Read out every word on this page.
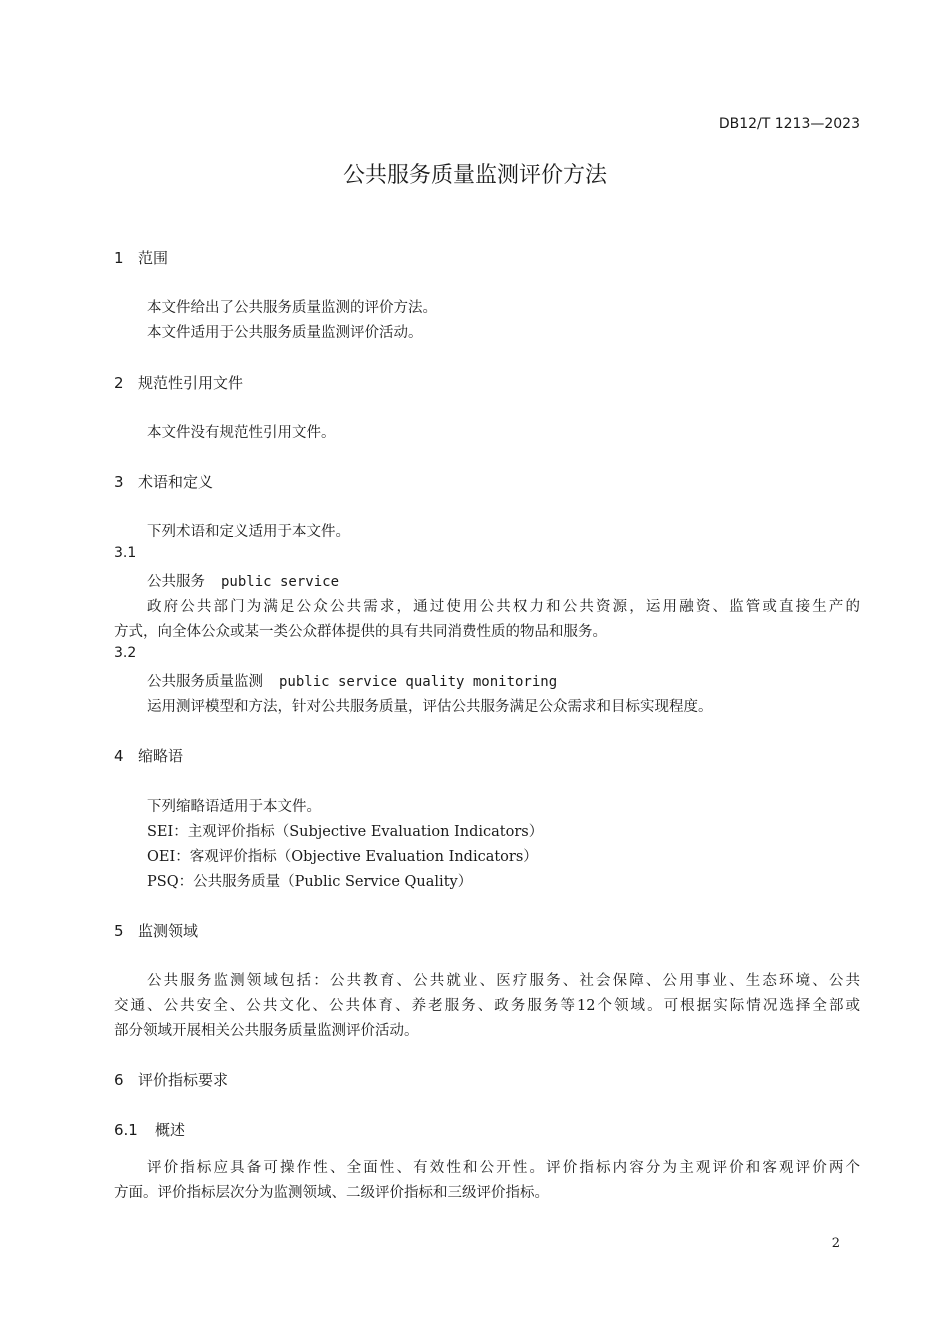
DB12/T 1213—2023
公共服务质量监测评价方法
1 范围
本文件给出了公共服务质量监测的评价方法。
本文件适用于公共服务质量监测评价活动。
2 规范性引用文件
本文件没有规范性引用文件。
3 术语和定义
下列术语和定义适用于本文件。
3.1
公共服务 public service
政府公共部门为满足公众公共需求，通过使用公共权力和公共资源，运用融资、监管或直接生产的
方式，向全体公众或某一类公众群体提供的具有共同消费性质的物品和服务。
3.2
公共服务质量监测 public service quality monitoring
运用测评模型和方法，针对公共服务质量，评估公共服务满足公众需求和目标实现程度。
4 缩略语
下列缩略语适用于本文件。
SEI：主观评价指标（Subjective Evaluation Indicators）
OEI：客观评价指标（Objective Evaluation Indicators）
PSQ：公共服务质量（Public Service Quality）
5 监测领域
公共服务监测领域包括：公共教育、公共就业、医疗服务、社会保障、公用事业、生态环境、公共
交通、公共安全、公共文化、公共体育、养老服务、政务服务等12个领域。可根据实际情况选择全部或
部分领域开展相关公共服务质量监测评价活动。
6 评价指标要求
6.1 概述
评价指标应具备可操作性、全面性、有效性和公开性。评价指标内容分为主观评价和客观评价两个
方面。评价指标层次分为监测领域、二级评价指标和三级评价指标。
2
